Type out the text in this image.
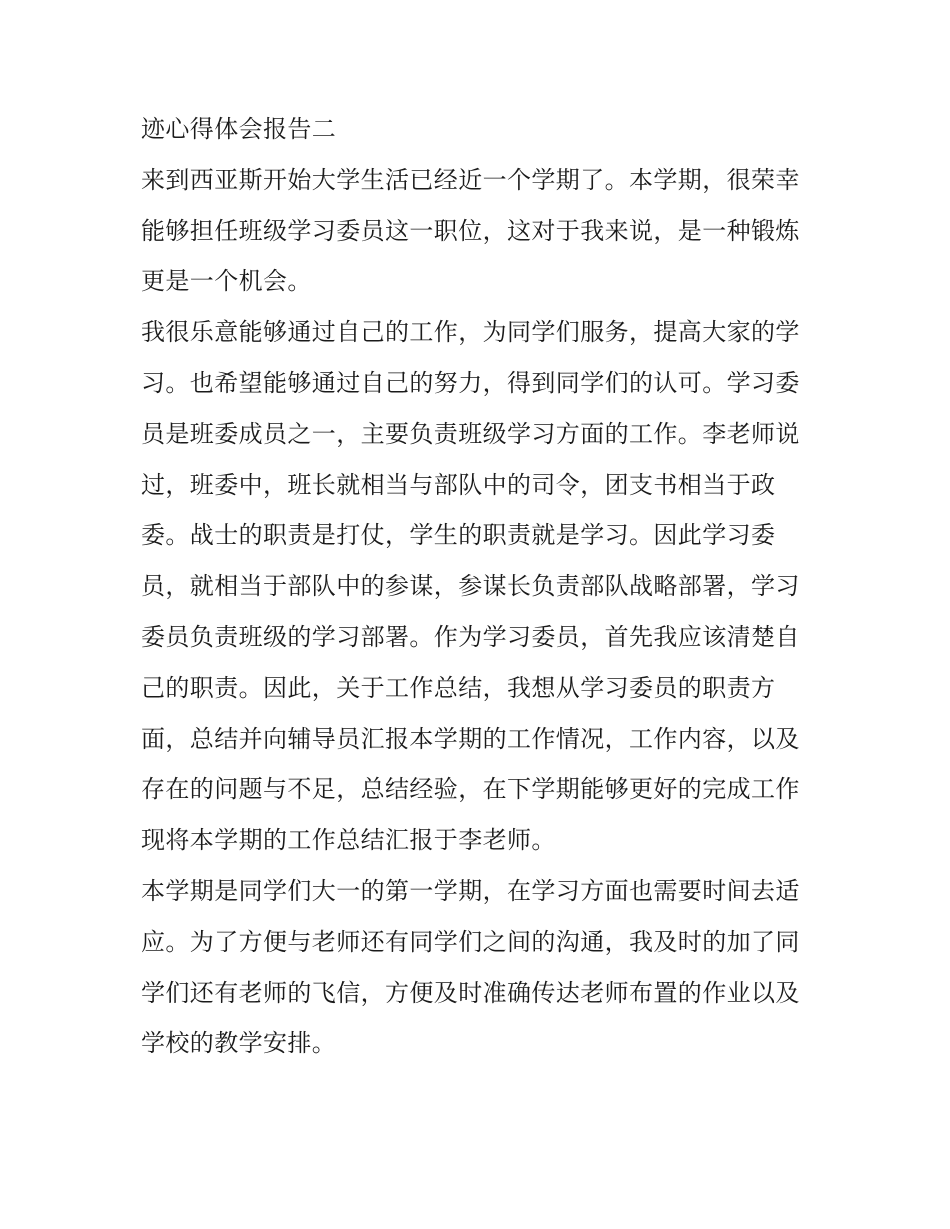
迹心得体会报告二

来到西亚斯开始大学生活已经近一个学期了。本学期，很荣幸
能够担任班级学习委员这一职位，这对于我来说，是一种锻炼
更是一个机会。

我很乐意能够通过自己的工作，为同学们服务，提高大家的学
习。也希望能够通过自己的努力，得到同学们的认可。学习委
员是班委成员之一，主要负责班级学习方面的工作。李老师说
过，班委中，班长就相当与部队中的司令，团支书相当于政
委。战士的职责是打仗，学生的职责就是学习。因此学习委
员，就相当于部队中的参谋，参谋长负责部队战略部署，学习
委员负责班级的学习部署。作为学习委员，首先我应该清楚自
己的职责。因此，关于工作总结，我想从学习委员的职责方
面，总结并向辅导员汇报本学期的工作情况，工作内容，以及
存在的问题与不足，总结经验，在下学期能够更好的完成工作

现将本学期的工作总结汇报于李老师。

本学期是同学们大一的第一学期，在学习方面也需要时间去适
应。为了方便与老师还有同学们之间的沟通，我及时的加了同
学们还有老师的飞信，方便及时准确传达老师布置的作业以及
学校的教学安排。
